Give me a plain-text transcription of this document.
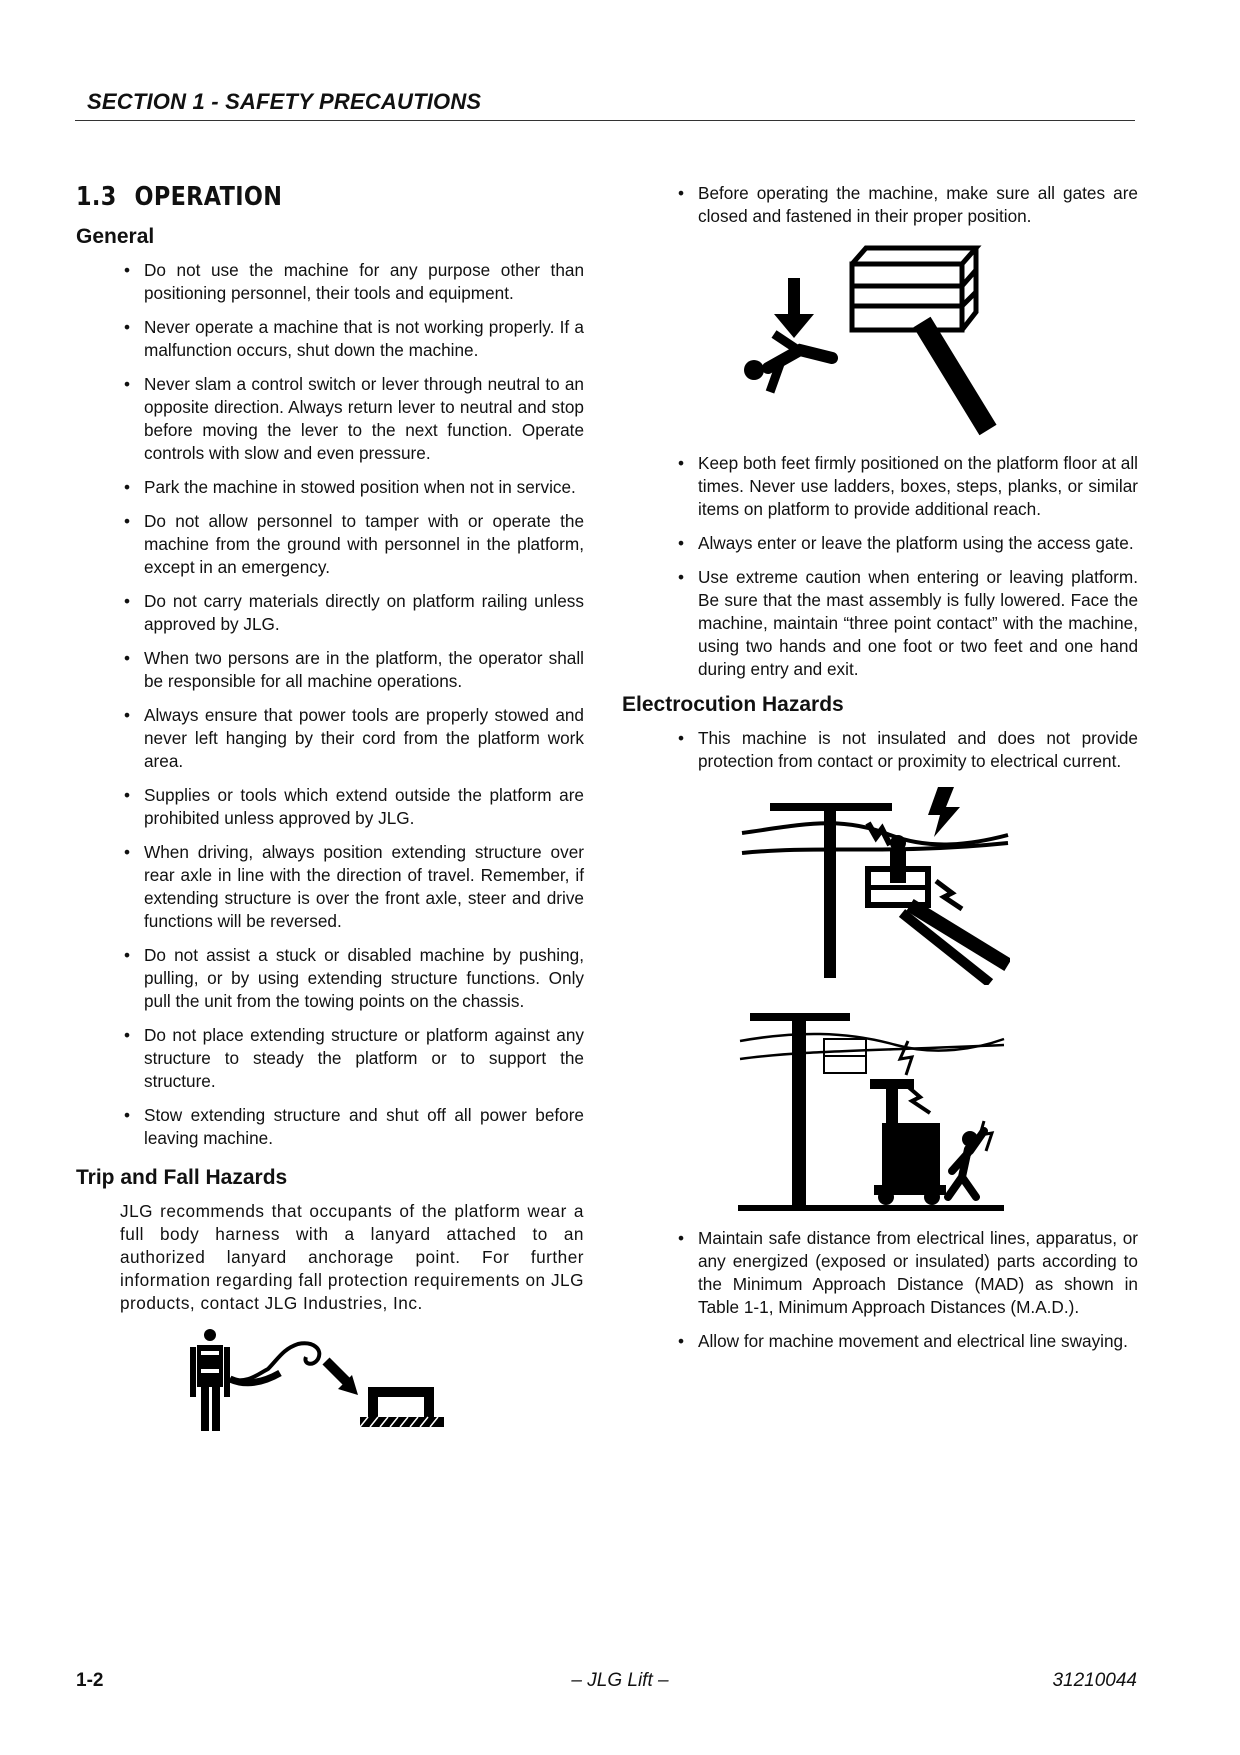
SECTION 1 - SAFETY PRECAUTIONS
1.3 OPERATION
General
• Do not use the machine for any purpose other than positioning personnel, their tools and equipment.
• Never operate a machine that is not working properly. If a malfunction occurs, shut down the machine.
• Never slam a control switch or lever through neutral to an opposite direction. Always return lever to neutral and stop before moving the lever to the next function. Operate controls with slow and even pressure.
• Park the machine in stowed position when not in service.
• Do not allow personnel to tamper with or operate the machine from the ground with personnel in the platform, except in an emergency.
• Do not carry materials directly on platform railing unless approved by JLG.
• When two persons are in the platform, the operator shall be responsible for all machine operations.
• Always ensure that power tools are properly stowed and never left hanging by their cord from the platform work area.
• Supplies or tools which extend outside the platform are prohibited unless approved by JLG.
• When driving, always position extending structure over rear axle in line with the direction of travel. Remember, if extending structure is over the front axle, steer and drive functions will be reversed.
• Do not assist a stuck or disabled machine by pushing, pulling, or by using extending structure functions. Only pull the unit from the towing points on the chassis.
• Do not place extending structure or platform against any structure to steady the platform or to support the structure.
• Stow extending structure and shut off all power before leaving machine.
Trip and Fall Hazards

JLG recommends that occupants of the platform wear a full body harness with a lanyard attached to an authorized lanyard anchorage point. For further information regarding fall protection requirements on JLG products, contact JLG Industries, Inc.

• Before operating the machine, make sure all gates are closed and fastened in their proper position.
• Keep both feet firmly positioned on the platform floor at all times. Never use ladders, boxes, steps, planks, or similar items on platform to provide additional reach.
• Always enter or leave the platform using the access gate.
• Use extreme caution when entering or leaving platform. Be sure that the mast assembly is fully lowered. Face the machine, maintain “three point contact” with the machine, using two hands and one foot or two feet and one hand during entry and exit.
Electrocution Hazards
• This machine is not insulated and does not provide protection from contact or proximity to electrical current.
• Maintain safe distance from electrical lines, apparatus, or any energized (exposed or insulated) parts according to the Minimum Approach Distance (MAD) as shown in Table 1-1, Minimum Approach Distances (M.A.D.).
• Allow for machine movement and electrical line swaying.
1-2	– JLG Lift –	31210044
